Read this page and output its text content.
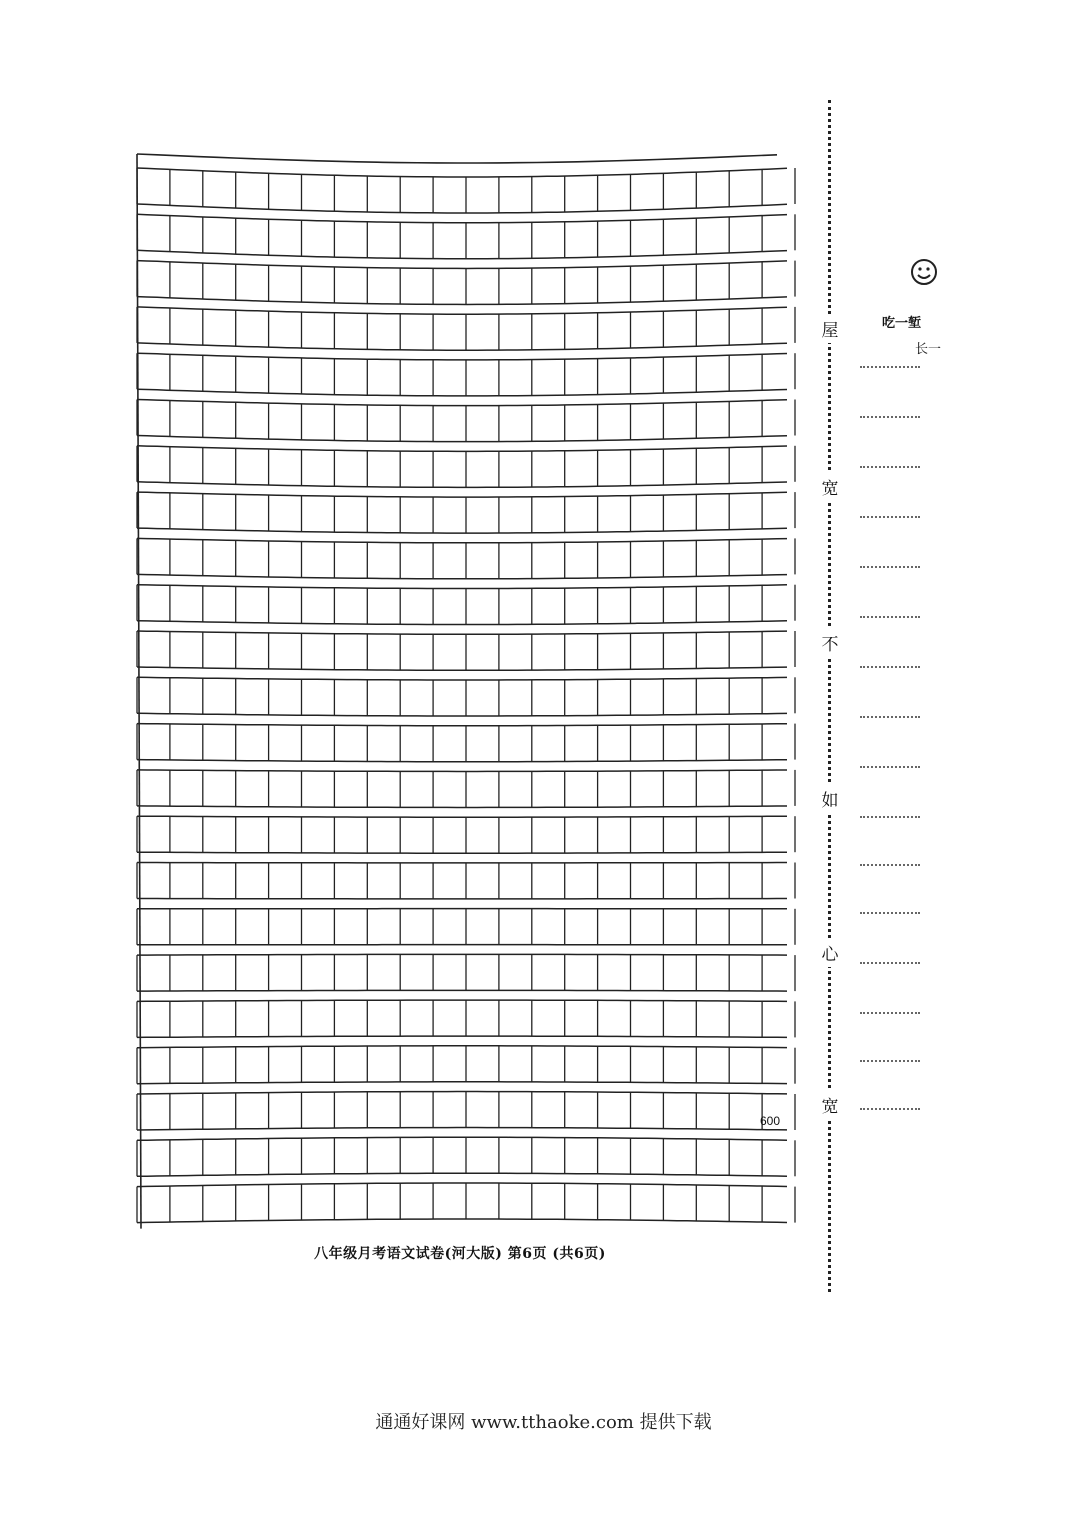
600
八年级月考语文试卷(河大版) 第6页 (共6页)
通通好课网 www.tthaoke.com 提供下载
屋
宽
不
如
心
宽
吃一堑
长一
